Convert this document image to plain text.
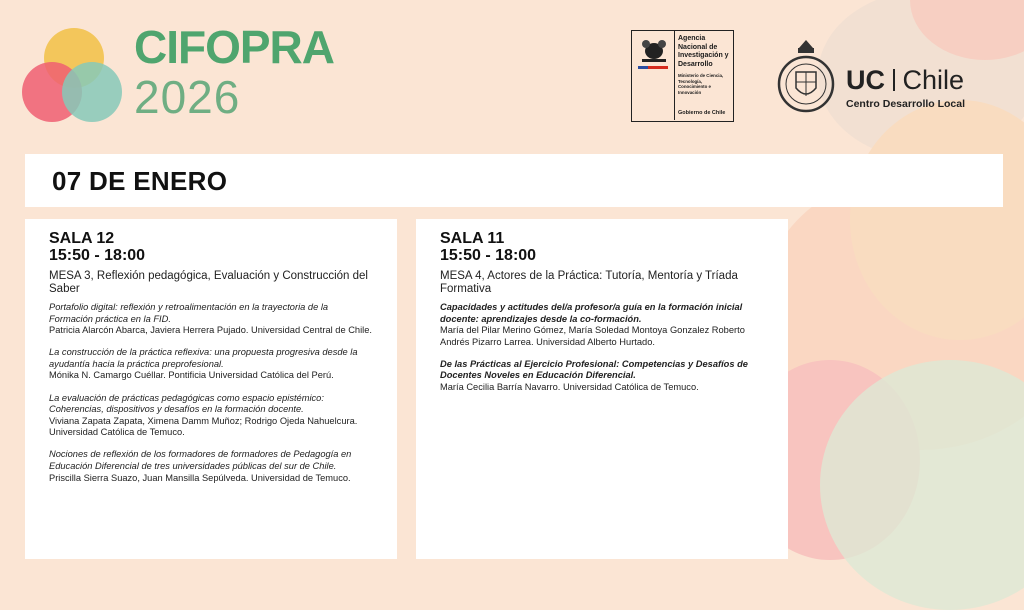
CIFOPRA
2026
Agencia Nacional de Investigación y Desarrollo
Ministerio de Ciencia, Tecnología, Conocimiento e Innovación
Gobierno de Chile
UC Chile
Centro Desarrollo Local
07 DE ENERO
SALA 12
15:50 - 18:00
MESA 3, Reflexión pedagógica, Evaluación y Construcción del Saber
Portafolio digital: reflexión y retroalimentación en la trayectoria de la Formación práctica en la FID.
Patricia Alarcón Abarca, Javiera Herrera Pujado. Universidad Central de Chile.
La construcción de la práctica reflexiva: una propuesta progresiva desde la ayudantía hacia la práctica preprofesional.
Mónika N. Camargo Cuéllar. Pontificia Universidad Católica del Perú.
La evaluación de prácticas pedagógicas como espacio epistémico: Coherencias, dispositivos y desafíos en la formación docente.
Viviana Zapata Zapata, Ximena Damm Muñoz; Rodrigo Ojeda Nahuelcura. Universidad Católica de Temuco.
Nociones de reflexión de los formadores de formadores de Pedagogía en Educación Diferencial de tres universidades públicas del sur de Chile.
Priscilla Sierra Suazo, Juan Mansilla Sepúlveda. Universidad de Temuco.
SALA 11
15:50 - 18:00
MESA 4, Actores de la Práctica: Tutoría, Mentoría y Tríada Formativa
Capacidades y actitudes del/a profesor/a guía en la formación inicial docente: aprendizajes desde la co-formación.
María del Pilar Merino Gómez, María Soledad Montoya Gonzalez Roberto Andrés Pizarro Larrea. Universidad Alberto Hurtado.
De las Prácticas al Ejercicio Profesional: Competencias y Desafíos de Docentes Noveles en Educación Diferencial.
María Cecilia Barría Navarro. Universidad Católica de Temuco.
